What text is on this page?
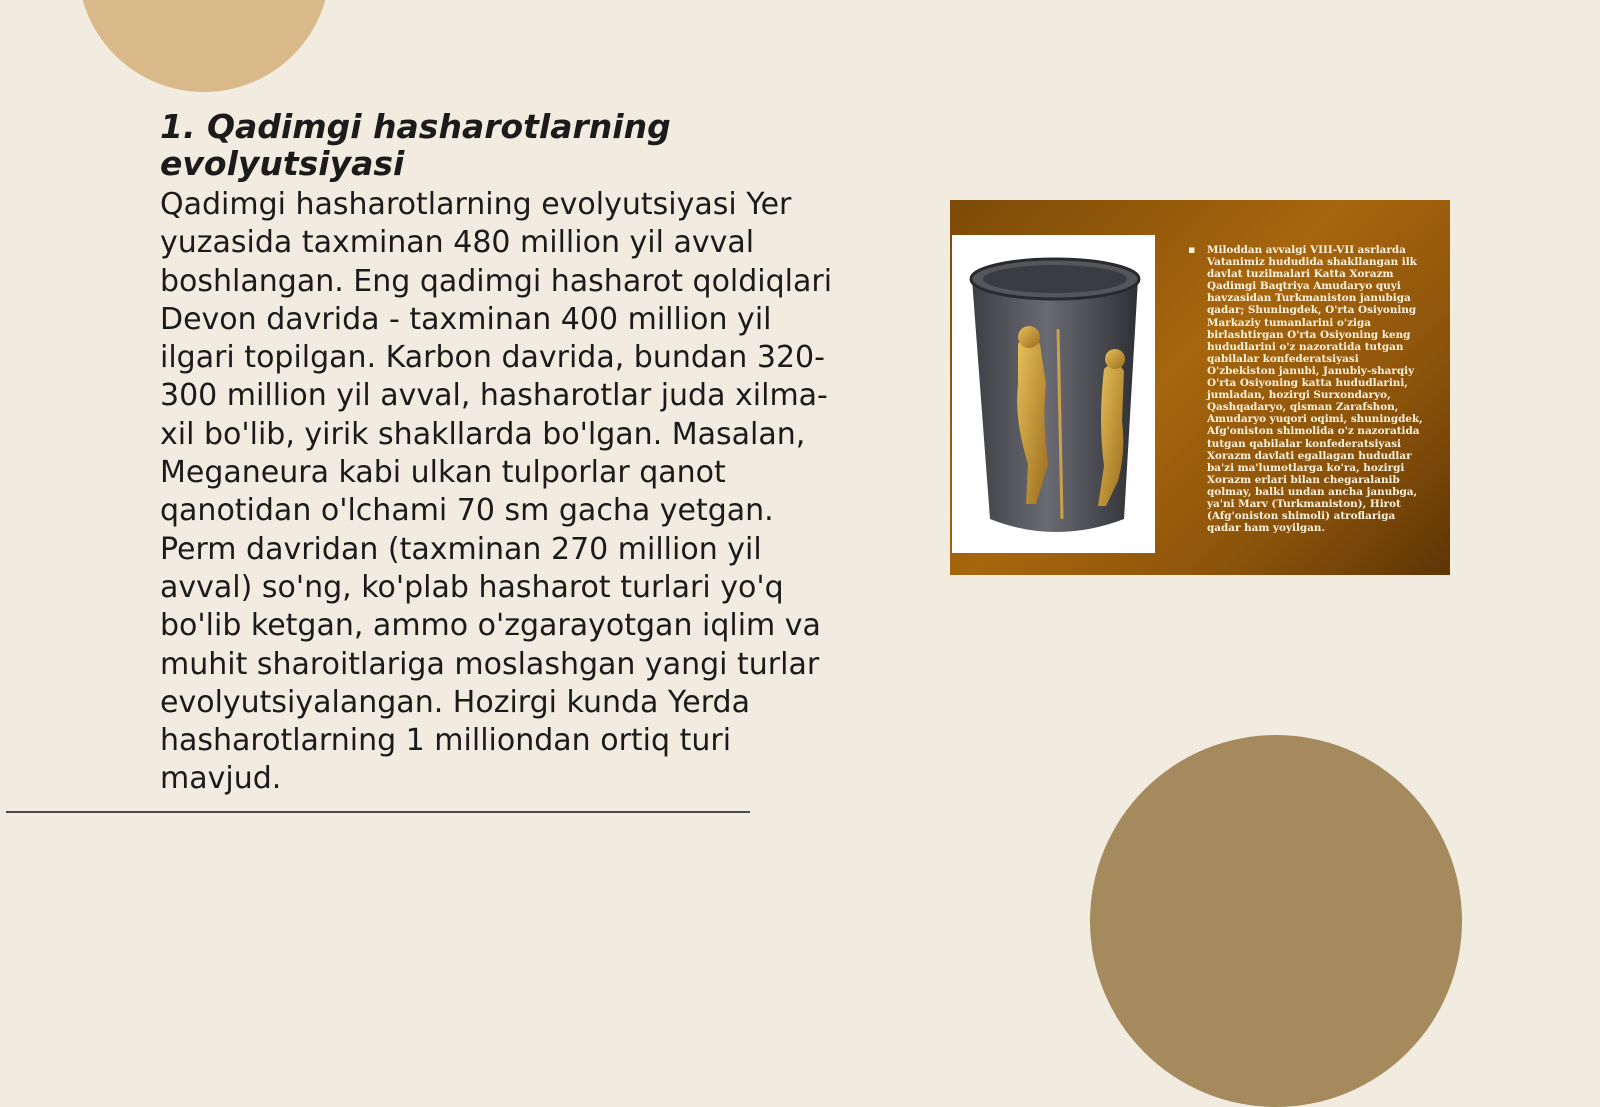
1. Qadimgi hasharotlarning evolyutsiyasi

Qadimgi hasharotlarning evolyutsiyasi Yer yuzasida taxminan 480 million yil avval boshlangan. Eng qadimgi hasharot qoldiqlari Devon davrida - taxminan 400 million yil ilgari topilgan. Karbon davrida, bundan 320-300 million yil avval, hasharotlar juda xilma-xil bo'lib, yirik shakllarda bo'lgan. Masalan, Meganeura kabi ulkan tulporlar qanot qanotidan o'lchami 70 sm gacha yetgan. Perm davridan (taxminan 270 million yil avval) so'ng, ko'plab hasharot turlari yo'q bo'lib ketgan, ammo o'zgarayotgan iqlim va muhit sharoitlariga moslashgan yangi turlar evolyutsiyalangan. Hozirgi kunda Yerda hasharotlarning 1 milliondan ortiq turi mavjud.

▪	Miloddan avvalgi VIII-VII asrlarda Vatanimiz hududida shakllangan ilk davlat tuzilmalari Katta Xorazm Qadimgi Baqtriya Amudaryo quyi havzasidan Turkmaniston janubiga qadar; Shuningdek, O'rta Osiyoning Markaziy tumanlarini o'ziga birlashtirgan O'rta Osiyoning keng hududlarini o'z nazoratida tutgan qabilalar konfederatsiyasi O'zbekiston janubi, Janubiy-sharqiy O'rta Osiyoning katta hududlarini, jumladan, hozirgi Surxondaryo, Qashqadaryo, qisman Zarafshon, Amudaryo yuqori oqimi, shuningdek, Afg'oniston shimolida o'z nazoratida tutgan qabilalar konfederatsiyasi Xorazm davlati egallagan hududlar ba'zi ma'lumotlarga ko'ra, hozirgi Xorazm erlari bilan chegaralanib qolmay, balki undan ancha janubga, ya'ni Marv (Turkmaniston), Hirot (Afg'oniston shimoli) atroflariga qadar ham yoyilgan.
